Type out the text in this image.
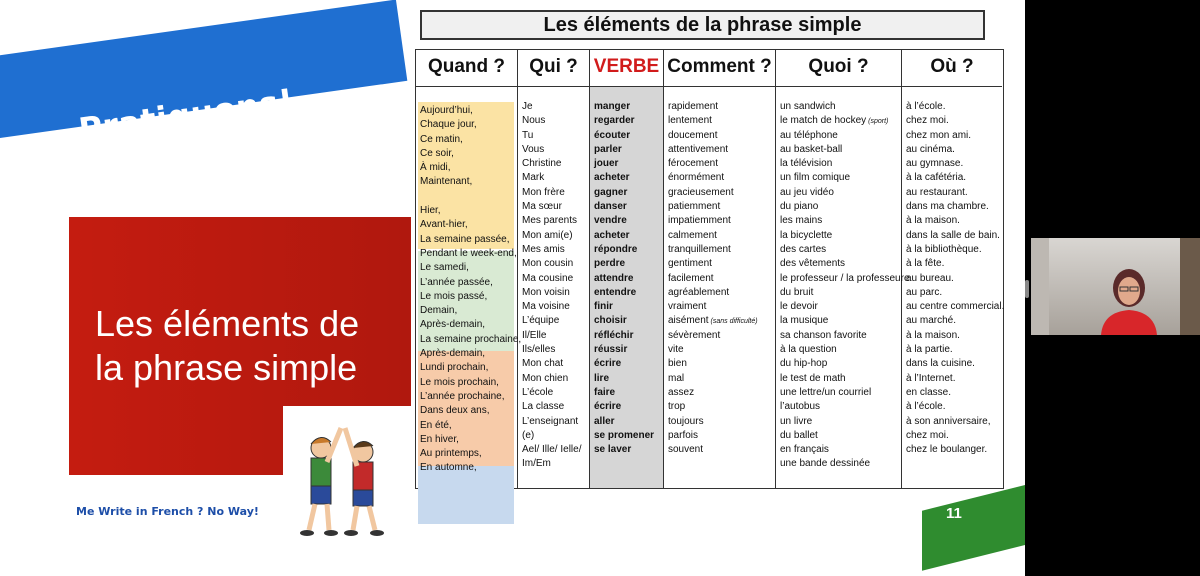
Pratiquons!
Les éléments de
la phrase simple
Me Write in French ? No Way!
Les éléments de la phrase simple
Quand ?
Aujourd’hui,
Chaque jour,
Ce matin,
Ce soir,
À midi,
Maintenant,
Hier,
Avant-hier,
La semaine passée,
Pendant le week-end,
Le samedi,
L’année passée,
Le mois passé,
Demain,
Après-demain,
La semaine prochaine,
Après-demain,
Lundi prochain,
Le mois prochain,
L’année prochaine,
Dans deux ans,
En été,
En hiver,
Au printemps,
En automne,
Qui ?
Je
Nous
Tu
Vous
Christine
Mark
Mon frère
Ma sœur
Mes parents
Mon ami(e)
Mes amis
Mon cousin
Ma cousine
Mon voisin
Ma voisine
L’équipe
Il/Elle
Ils/elles
Mon chat
Mon chien
L’école
La classe
L’enseignant
(e)
Ael/ Ille/ Ielle/
Im/Em
VERBE
manger
regarder
écouter
parler
jouer
acheter
gagner
danser
vendre
acheter
répondre
perdre
attendre
entendre
finir
choisir
réfléchir
réussir
écrire
lire
faire
écrire
aller
se promener
se laver
Comment ?
rapidement
lentement
doucement
attentivement
férocement
énormément
gracieusement
patiemment
impatiemment
calmement
tranquillement
gentiment
facilement
agréablement
vraiment
aisément (sans difficulté)
sévèrement
vite
bien
mal
assez
trop
toujours
parfois
souvent
Quoi ?
un sandwich
le match de hockey (sport)
au téléphone
au basket-ball
la télévision
un film comique
au jeu vidéo
du piano
les mains
la bicyclette
des cartes
des vêtements
le professeur / la professeure
du bruit
le devoir
la musique
sa chanson favorite
à la question
du hip-hop
le test de math
une lettre/un courriel
l’autobus
un livre
du ballet
en français
une bande dessinée
Où ?
à l’école.
chez moi.
chez mon ami.
au cinéma.
au gymnase.
à la cafétéria.
au restaurant.
dans ma chambre.
à la maison.
dans la salle de bain.
à la bibliothèque.
à la fête.
au bureau.
au parc.
au centre commercial.
au marché.
à la maison.
à la partie.
dans la cuisine.
à l’Internet.
en classe.
à l’école.
à son anniversaire,
chez moi.
chez le boulanger.
11
